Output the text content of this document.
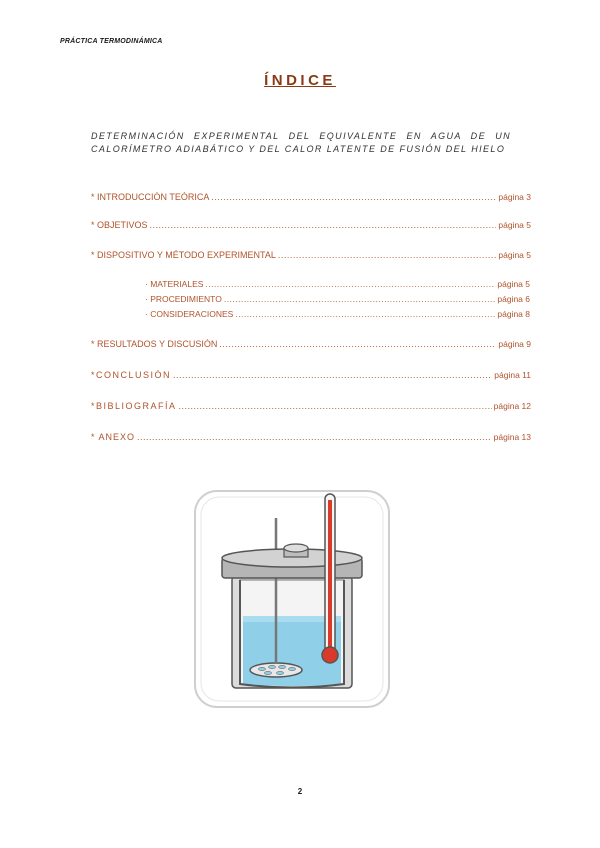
PRÁCTICA TERMODINÁMICA
ÍNDICE
DETERMINACIÓN EXPERIMENTAL DEL EQUIVALENTE EN AGUA DE UN CALORÍMETRO ADIABÁTICO Y DEL CALOR LATENTE DE FUSIÓN DEL HIELO
* INTRODUCCIÓN TEÓRICA .....	página 3
* OBJETIVOS .....	página 5
* DISPOSITIVO Y MÉTODO EXPERIMENTAL .....	página 5
· MATERIALES .....	página 5
· PROCEDIMIENTO .....	página 6
· CONSIDERACIONES .....	página 8
* RESULTADOS Y DISCUSIÓN .....	página 9
*CONCLUSIÓN .....	página 11
*BIBLIOGRAFÍA .....	página 12
* ANEXO .....	página 13
2
